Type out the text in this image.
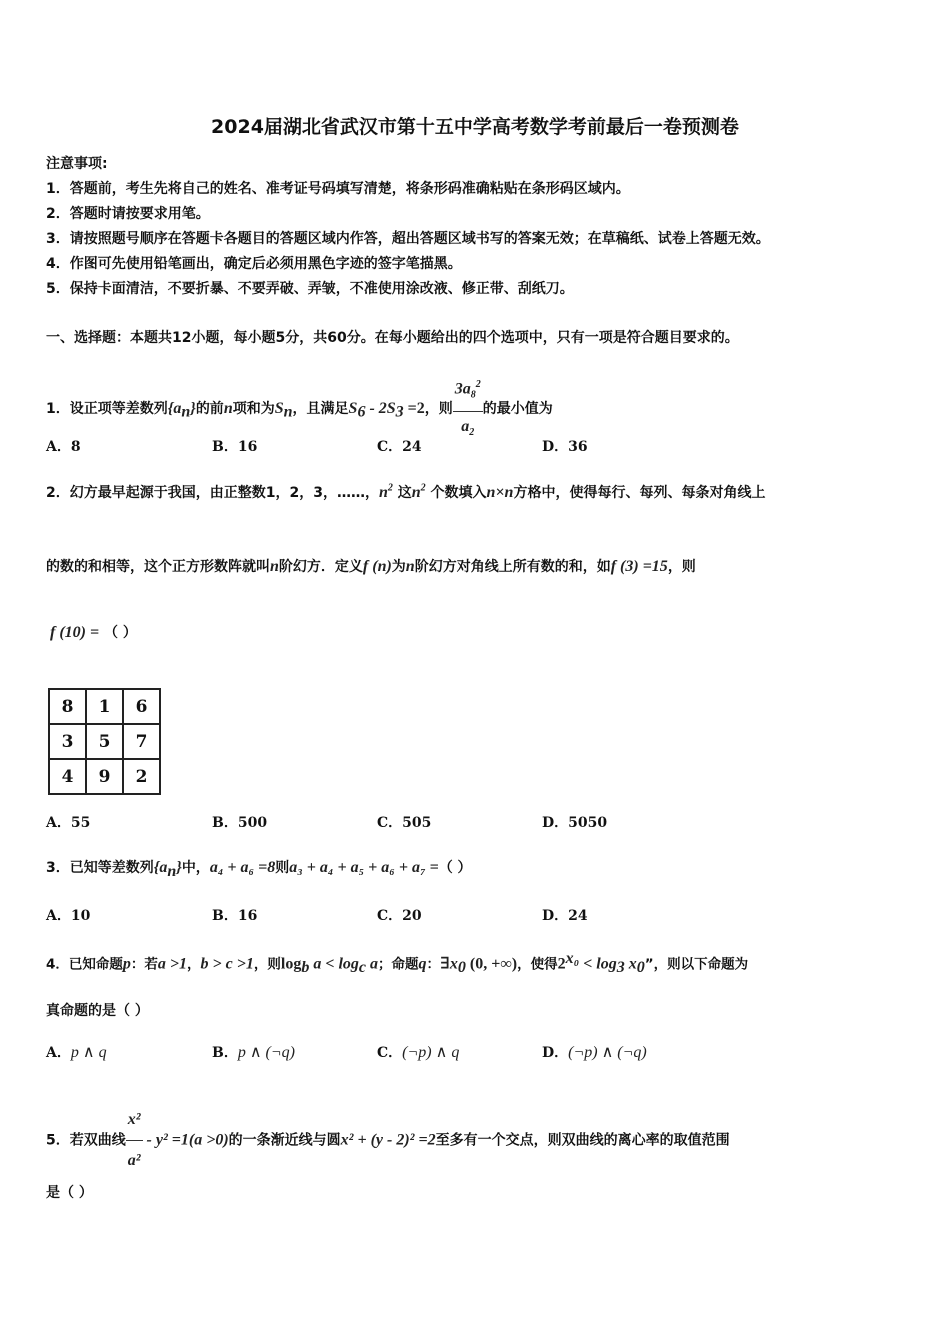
2024届湖北省武汉市第十五中学高考数学考前最后一卷预测卷
注意事项:
1．答题前，考生先将自己的姓名、准考证号码填写清楚，将条形码准确粘贴在条形码区域内。
2．答题时请按要求用笔。
3．请按照题号顺序在答题卡各题目的答题区域内作答，超出答题区域书写的答案无效；在草稿纸、试卷上答题无效。
4．作图可先使用铅笔画出，确定后必须用黑色字迹的签字笔描黑。
5．保持卡面清洁，不要折暴、不要弄破、弄皱，不准使用涂改液、修正带、刮纸刀。
一、选择题：本题共12小题，每小题5分，共60分。在每小题给出的四个选项中，只有一项是符合题目要求的。
1．设正项等差数列$\{a_n\}$的前n项和为$S_n$，且满足$S_6 - 2S_3 =2$，则 $\frac{3a_8^2}{a_2}$ 的最小值为
A．8	B．16	C．24	D．36
2．幻方最早起源于我国，由正整数1，2，3，……，$n^2$ 这$n^2$ 个数填入n×n方格中，使得每行、每列、每条对角线上
的数的和相等，这个正方形数阵就叫n阶幻方．定义f (n)为n阶幻方对角线上所有数的和，如f (3) =15，则
f (10) = （ ）
8	1	6
3	5	7
4	9	2
A．55	B．500	C．505	D．5050
3．已知等差数列$\{a_n\}$中，a₄ + a₆ =8则a₃ + a₄ + a₅ + a₆ + a₇ =（ ）
A．10	B．16	C．20	D．24
4．已知命题p：若a >1，b > c >1，则$\log_b a < \log_c a$；命题q：$\exists x_0$ (0, +∞)，使得$2^{x_0} < \log_3 x_0$”，则以下命题为
真命题的是（ ）
A．p ∧ q	B．p ∧ (¬q)	C．(¬p) ∧ q	D．(¬p) ∧ (¬q)
5．若双曲线 $\frac{\text{x²}}{\text{a²}} - y^2 =1(a >0)$的一条渐近线与圆x² + (y - 2)² =2至多有一个交点，则双曲线的离心率的取值范围
是（ ）
